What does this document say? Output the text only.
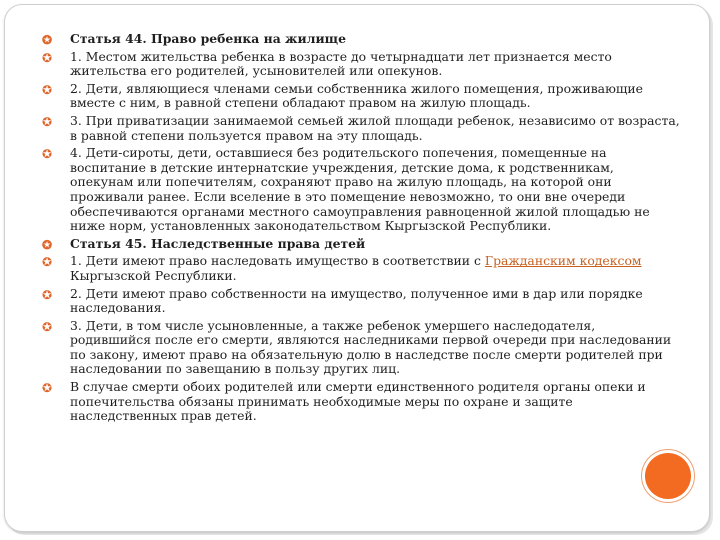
✪ Статья 44. Право ребенка на жилище
✪ 1. Местом жительства ребенка в возрасте до четырнадцати лет признается место жительства его родителей, усыновителей или опекунов.
✪ 2. Дети, являющиеся членами семьи собственника жилого помещения, проживающие вместе с ним, в равной степени обладают правом на жилую площадь.
✪ 3. При приватизации занимаемой семьей жилой площади ребенок, независимо от возраста, в равной степени пользуется правом на эту площадь.
✪ 4. Дети-сироты, дети, оставшиеся без родительского попечения, помещенные на воспитание в детские интернатские учреждения, детские дома, к родственникам, опекунам или попечителям, сохраняют право на жилую площадь, на которой они проживали ранее. Если вселение в это помещение невозможно, то они вне очереди обеспечиваются органами местного самоуправления равноценной жилой площадью не ниже норм, установленных законодательством Кыргызской Республики.
✪ Статья 45. Наследственные права детей
✪ 1. Дети имеют право наследовать имущество в соответствии с Гражданским кодексом Кыргызской Республики.
✪ 2. Дети имеют право собственности на имущество, полученное ими в дар или порядке наследования.
✪ 3. Дети, в том числе усыновленные, а также ребенок умершего наследодателя, родившийся после его смерти, являются наследниками первой очереди при наследовании по закону, имеют право на обязательную долю в наследстве после смерти родителей при наследовании по завещанию в пользу других лиц.
✪ В случае смерти обоих родителей или смерти единственного родителя органы опеки и попечительства обязаны принимать необходимые меры по охране и защите наследственных прав детей.
